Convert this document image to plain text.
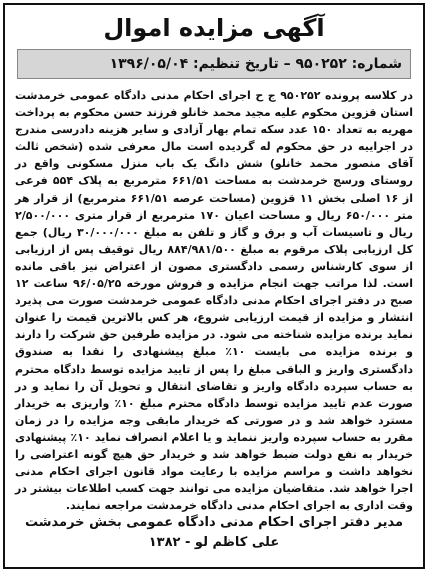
آگهی مزایده اموال
شماره: ۹۵۰۲۵۲ – تاریخ تنظیم: ۱۳۹۶/۰۵/۰۴
در کلاسه پرونده ۹۵۰۲۵۲ ج ح اجرای احکام مدنی دادگاه عمومی خرمدشت استان قزوین محکوم علیه مجید محمد خانلو فرزند حسن محکوم به پرداخت مهریه به تعداد ۱۵۰ عدد سکه تمام بهار آزادی و سایر هزینه دادرسی مندرج در اجراییه در حق محکوم له گردیده است مال معرفی شده (شخص ثالث آقای منصور محمد خانلو) شش دانگ یک باب منزل مسکونی واقع در روستای ورسج خرمدشت به مساحت ۶۶۱/۵۱ مترمربع به پلاک ۵۵۴ فرعی از ۱۶ اصلی بخش ۱۱ قزوین (مساحت عرصه ۶۶۱/۵۱ مترمربع) از قرار هر متر ۶۵۰/۰۰۰ ریال و مساحت اعیان ۱۷۰ مترمربع از قرار متری ۲/۵۰۰/۰۰۰ ریال و تاسیسات آب و برق و گاز و تلفن به مبلغ ۳۰/۰۰۰/۰۰۰ ریال) جمع کل ارزیابی پلاک مرقوم به مبلغ ۸۸۴/۹۸۱/۵۰۰ ریال توقیف پس از ارزیابی از سوی کارشناس رسمی دادگستری مصون از اعتراض نیز باقی مانده است. لذا مراتب جهت انجام مزایده و فروش مورخه ۹۶/۰۵/۲۵ ساعت ۱۲ صبح در دفتر اجرای احکام مدنی دادگاه عمومی خرمدشت صورت می پذیرد انتشار و مزایده از قیمت ارزیابی شروع، هر کس بالاترین قیمت را عنوان نماید برنده مزایده شناخته می شود. در مزایده طرفین حق شرکت را دارند و برنده مزایده می بایست ۱۰٪ مبلغ پیشنهادی را نقدا به صندوق دادگستری واریز و الباقی مبلغ را پس از تایید مزایده توسط دادگاه محترم به حساب سپرده دادگاه واریز و تقاضای انتقال و تحویل آن را نماید و در صورت عدم تایید مزایده توسط دادگاه محترم مبلغ ۱۰٪ واریزی به خریدار مسترد خواهد شد و در صورتی که خریدار مابقی وجه مزایده را در زمان مقرر به حساب سپرده واریز ننماید و یا اعلام انصراف نماید ۱۰٪ پیشنهادی خریدار به نفع دولت ضبط خواهد شد و خریدار حق هیچ گونه اعتراضی را نخواهد داشت و مراسم مزایده با رعایت مواد قانون اجرای احکام مدنی اجرا خواهد شد. متقاضیان مزایده می توانند جهت کسب اطلاعات بیشتر در وقت اداری به اجرای احکام مدنی دادگاه خرمدشت مراجعه نمایند.
مدیر دفتر اجرای احکام مدنی دادگاه عمومی بخش خرمدشت
علی کاظم لو - ۱۳۸۲
